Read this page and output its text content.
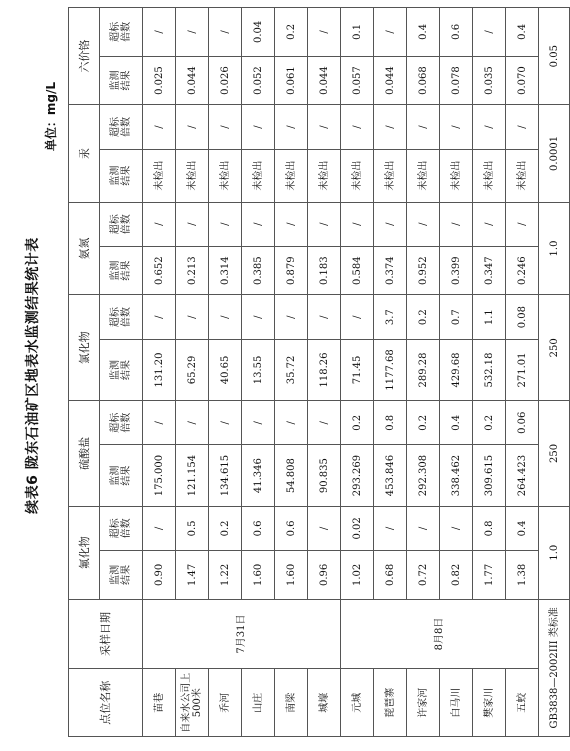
续表6 陇东石油矿区地表水监测结果统计表
单位：mg/L
点位名称	采样日期	氟化物		硫酸盐		氯化物		氨氮		汞		六价铬	
		监测结果	超标倍数	监测结果	超标倍数	监测结果	超标倍数	监测结果	超标倍数	监测结果	超标倍数	监测结果	超标倍数
苗巷	7月31日	0.90	/	175.000	/	131.20	/	0.652	/	未检出	/	0.025	/
自来水公司上500米		1.47	0.5	121.154	/	65.29	/	0.213	/	未检出	/	0.044	/
乔河		1.22	0.2	134.615	/	40.65	/	0.314	/	未检出	/	0.026	/
山庄		1.60	0.6	41.346	/	13.55	/	0.385	/	未检出	/	0.052	0.04
南梁		1.60	0.6	54.808	/	35.72	/	0.879	/	未检出	/	0.061	0.2
城壕		0.96	/	90.835	/	118.26	/	0.183	/	未检出	/	0.044	/
元城	8月8日	1.02	0.02	293.269	0.2	71.45	/	0.584	/	未检出	/	0.057	0.1
琵琶寨		0.68	/	453.846	0.8	1177.68	3.7	0.374	/	未检出	/	0.044	/
许家河		0.72	/	292.308	0.2	289.28	0.2	0.952	/	未检出	/	0.068	0.4
白马川		0.82	/	338.462	0.4	429.68	0.7	0.399	/	未检出	/	0.078	0.6
樊家川		1.77	0.8	309.615	0.2	532.18	1.1	0.347	/	未检出	/	0.035	/
五蛟		1.38	0.4	264.423	0.06	271.01	0.08	0.246	/	未检出	/	0.070	0.4
GB3838—2002III 类标准		1.0		250		250		1.0		0.0001		0.05	
